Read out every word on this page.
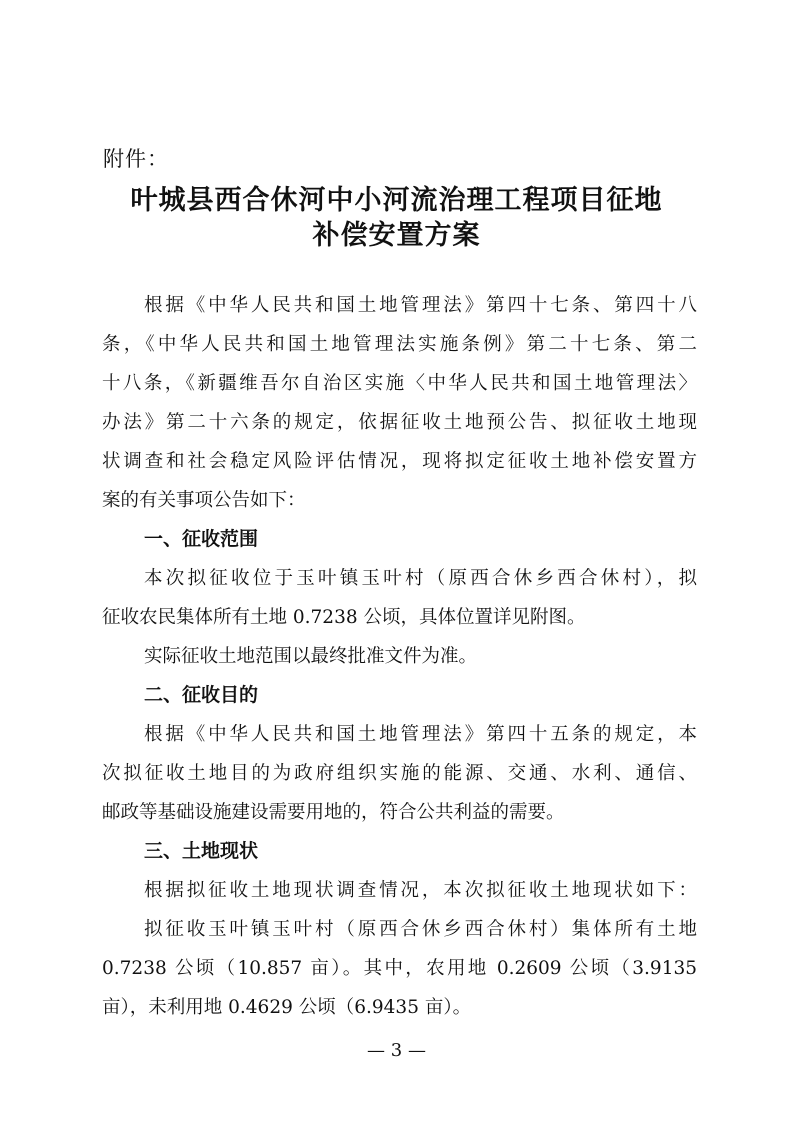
附件：
叶城县西合休河中小河流治理工程项目征地
补偿安置方案
根据《中华人民共和国土地管理法》第四十七条、第四十八
条，《中华人民共和国土地管理法实施条例》第二十七条、第二
十八条，《新疆维吾尔自治区实施〈中华人民共和国土地管理法〉
办法》第二十六条的规定，依据征收土地预公告、拟征收土地现
状调查和社会稳定风险评估情况，现将拟定征收土地补偿安置方
案的有关事项公告如下：
一、征收范围
本次拟征收位于玉叶镇玉叶村（原西合休乡西合休村），拟
征收农民集体所有土地 0.7238 公顷，具体位置详见附图。
实际征收土地范围以最终批准文件为准。
二、征收目的
根据《中华人民共和国土地管理法》第四十五条的规定，本
次拟征收土地目的为政府组织实施的能源、交通、水利、通信、
邮政等基础设施建设需要用地的，符合公共利益的需要。
三、土地现状
根据拟征收土地现状调查情况，本次拟征收土地现状如下：
拟征收玉叶镇玉叶村（原西合休乡西合休村）集体所有土地
0.7238 公顷（10.857 亩）。其中，农用地 0.2609 公顷（3.9135
亩），未利用地 0.4629 公顷（6.9435 亩）。
— 3 —
